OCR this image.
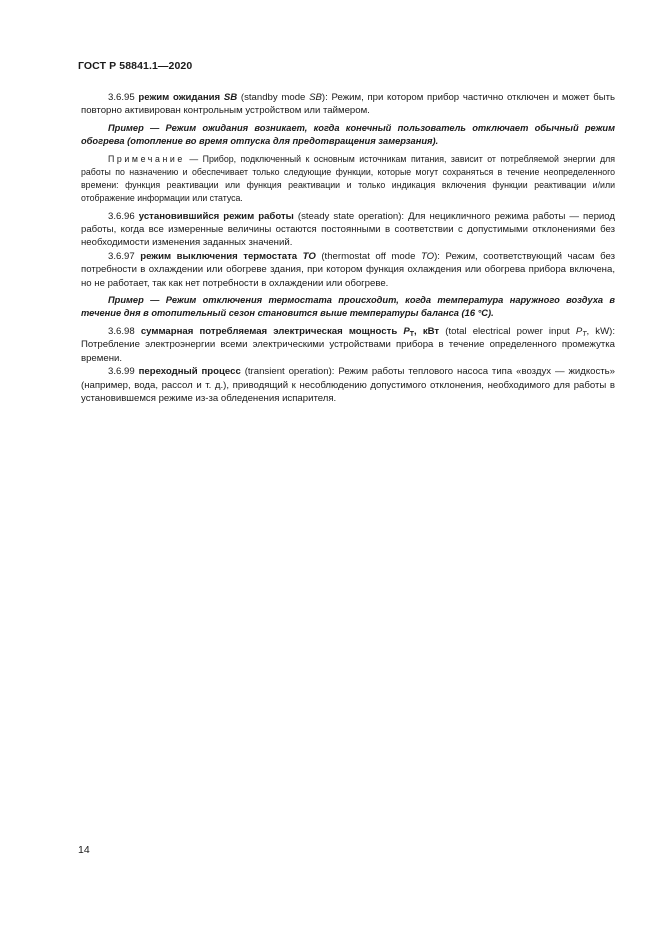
ГОСТ Р 58841.1—2020

3.6.95 режим ожидания SB (standby mode SB): Режим, при котором прибор частично отключен и может быть повторно активирован контрольным устройством или таймером.

Пример — Режим ожидания возникает, когда конечный пользователь отключает обычный режим обогрева (отопление во время отпуска для предотвращения замерзания).

Примечание — Прибор, подключенный к основным источникам питания, зависит от потребляемой энергии для работы по назначению и обеспечивает только следующие функции, которые могут сохраняться в течение неопределенного времени: функция реактивации или функция реактивации и только индикация включения функции реактивации и/или отображение информации или статуса.

3.6.96 установившийся режим работы (steady state operation): Для нецикличного режима работы — период работы, когда все измеренные величины остаются постоянными в соответствии с допустимыми отклонениями без необходимости изменения заданных значений.

3.6.97 режим выключения термостата TO (thermostat off mode TO): Режим, соответствующий часам без потребности в охлаждении или обогреве здания, при котором функция охлаждения или обогрева прибора включена, но не работает, так как нет потребности в охлаждении или обогреве.

Пример — Режим отключения термостата происходит, когда температура наружного воздуха в течение дня в отопительный сезон становится выше температуры баланса (16 °С).

3.6.98 суммарная потребляемая электрическая мощность $P_T$, кВт (total electrical power input $P_T$, kW): Потребление электроэнергии всеми электрическими устройствами прибора в течение определенного промежутка времени.

3.6.99 переходный процесс (transient operation): Режим работы теплового насоса типа «воздух — жидкость» (например, вода, рассол и т. д.), приводящий к несоблюдению допустимого отклонения, необходимого для работы в установившемся режиме из-за обледенения испарителя.

14
